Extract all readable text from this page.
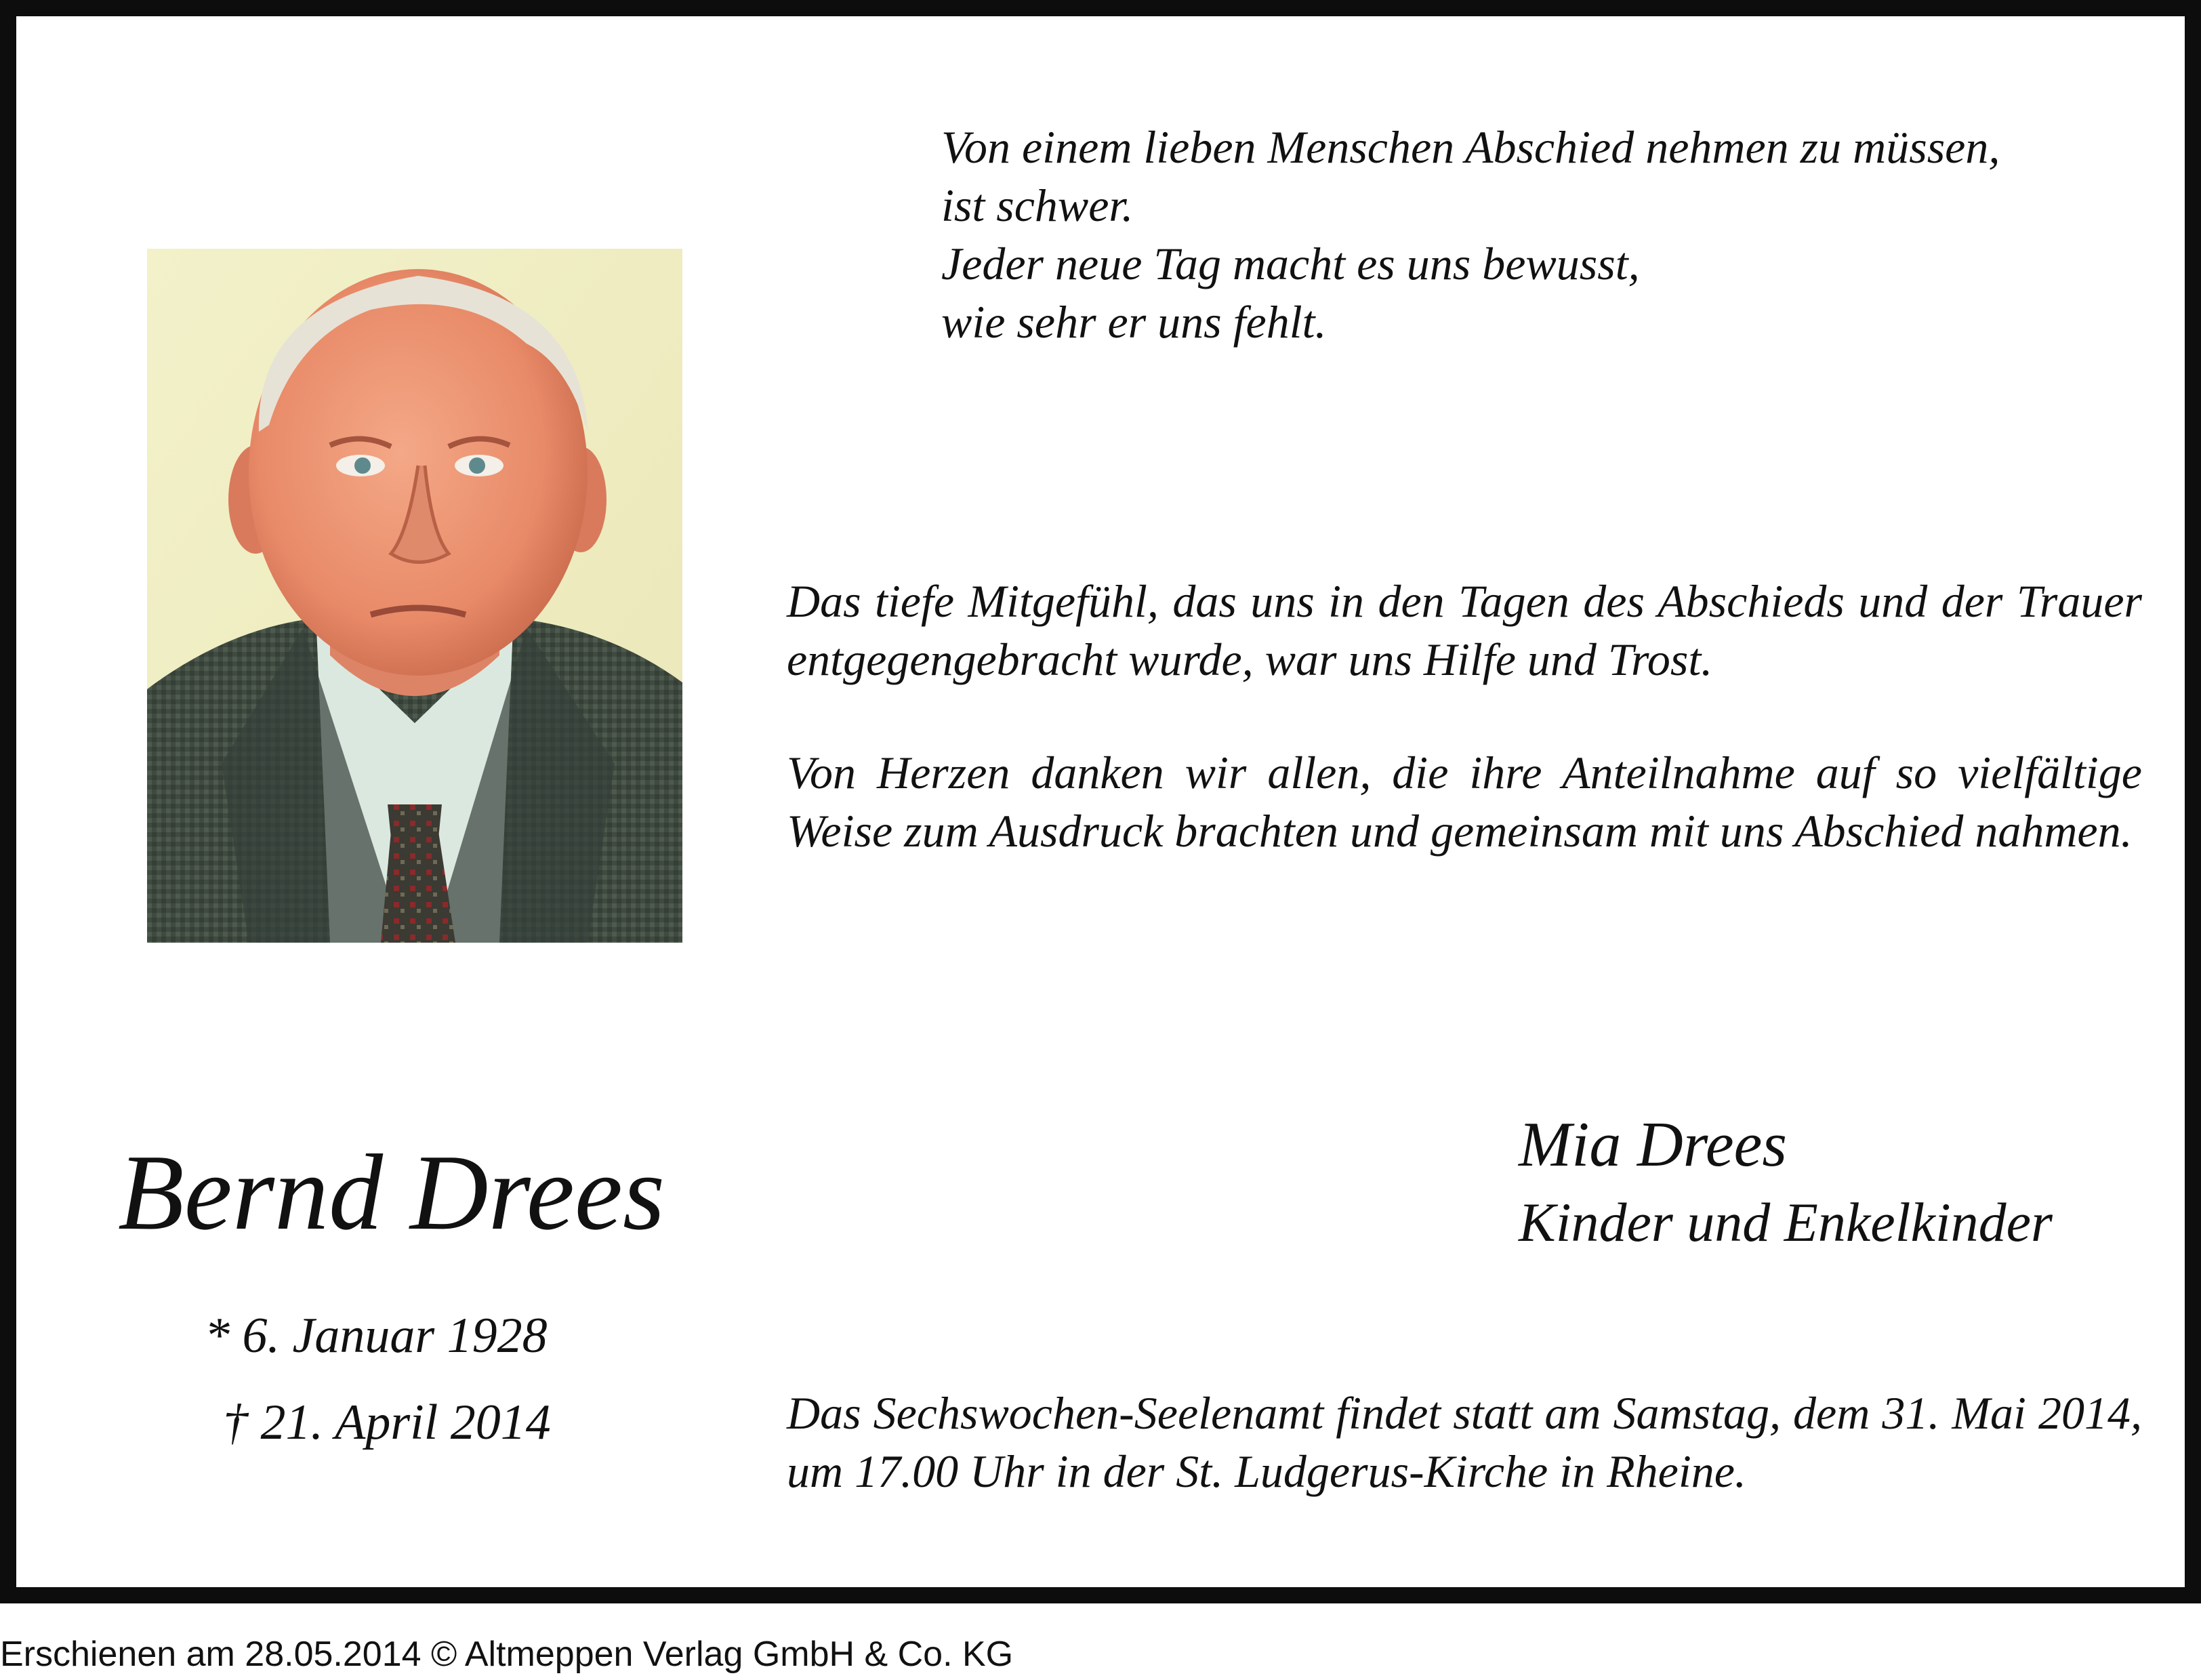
Von einem lieben Menschen Abschied nehmen zu müssen,
ist schwer.
Jeder neue Tag macht es uns bewusst,
wie sehr er uns fehlt.
Das tiefe Mitgefühl, das uns in den Tagen des Abschieds und der Trauer entgegengebracht wurde, war uns Hilfe und Trost.
Von Herzen danken wir allen, die ihre Anteilnahme auf so vielfältige Weise zum Ausdruck brachten und gemeinsam mit uns Abschied nahmen.
Bernd Drees
* 6. Januar 1928
† 21. April 2014
Mia Drees
Kinder und Enkelkinder
Das Sechswochen-Seelenamt findet statt am Samstag, dem 31. Mai 2014, um 17.00 Uhr in der St. Ludgerus-Kirche in Rheine.
Erschienen am 28.05.2014 © Altmeppen Verlag GmbH & Co. KG
